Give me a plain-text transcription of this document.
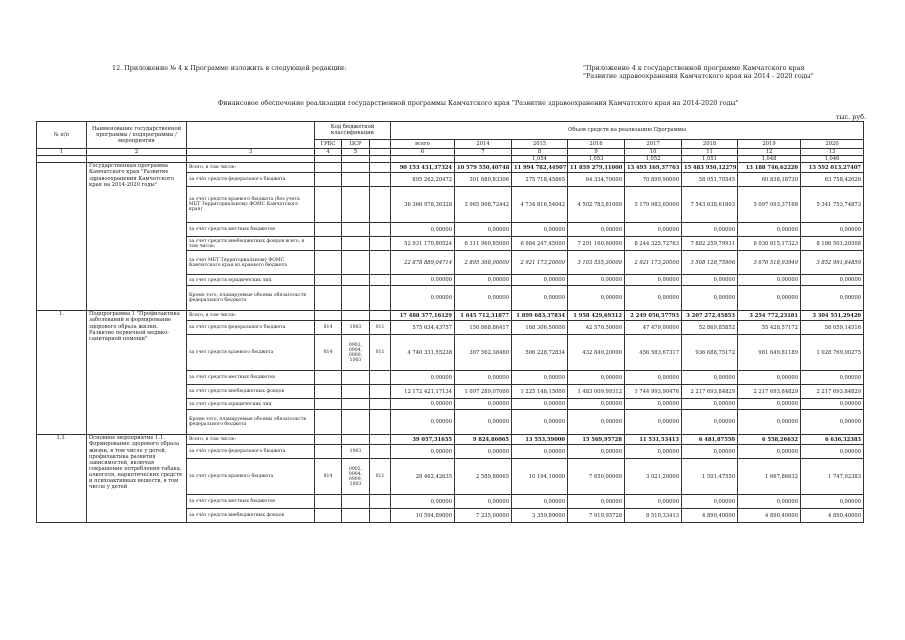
12. Приложение № 4 к Программе изложить в следующей редакции:	"Приложение 4 к государственной программе Камчатского края
"Развитие здравоохранения Камчатского края на 2014 - 2020 годы"
Финансовое обеспечение реализации государственной программы Камчатского края "Развитие здравоохранения Камчатского края на 2014-2020 годы"
тыс. руб.
№ п/п	Наименование государственной программы / подпрограммы / мероприятия		Код бюджетной классификации			Объем средств на реализацию Программы							
			ГРБС	ЦСР		всего	2014	2015	2016	2017	2018	2019	2020
1	2	3	4	5		6	7	8	9	10	11	12	13
								1,054	1,053	1,052	1,051	1,048	1,046
	Государственная программа Камчатского края "Развитие здравоохранения Камчатского края на 2014-2020 годы"	Всего, в том числе:				90 153 431,37324	10 579 550,40748	11 994 782,44907	11 859 279,11000	13 495 169,37763	15 483 950,12279	13 188 746,62220	13 592 013,27407
		за счет средств федерального бюджета				895 262,20472	301 680,83306	275 718,45865	64 334,70000	70 899,90000	58 051,70545	60 838,18730	63 758,42026
		за счет средств краевого бюджета (без учета МБТ Территориальному ФОМС Камчатского края)				36 366 978,36328	3 965 908,72442	4 734 816,54042	4 502 783,81000	5 179 983,65000	7 543 638,61803	5 097 093,37168	5 341 753,74873
		за счет средств местных бюджетов				0,00000	0,00000	0,00000	0,00000	0,00000	0,00000	0,00000	0,00000
		за счет средств внебюджетных фондов всего, в том числе:				52 931 170,80524	6 311 960,85000	6 984 247,45000	7 291 160,60000	8 244 325,72763	7 882 259,79931	8 030 815,17323	8 186 501,20508
		за счет МБТ Территориальному ФОМС Камчатского края из краевого бюджета				22 878 889,04714	2 895 368,00000	2 921 173,20000	3 103 535,30000	2 921 173,20000	3 508 128,75906	3 676 518,93949	3 852 991,84859
		за счет средств юридических лиц				0,00000	0,00000	0,00000	0,00000	0,00000	0,00000	0,00000	0,00000
		Кроме того, планируемые объемы обязательств федерального бюджета				0,00000	0,00000	0,00000	0,00000	0,00000	0,00000	0,00000	0,00000
1.	Подпрограмма 1 "Профилактика заболеваний и формирование здорового образа жизни. Развитие первичной медико-санитарной помощи"	Всего, в том числе:				17 488 377,16129	1 645 712,31877	1 899 683,37834	1 958 429,69312	2 249 056,57793	3 207 272,45853	3 254 772,23181	3 304 551,29420
		за счет средств федерального бюджета	814	1003	011	575 634,43757	150 868,86417	168 306,50000	42 570,50000	47 479,00000	52 869,85852	55 428,57172	58 059,14516
		за счет средств краевого бюджета	814	0902, 0904, 0909, 1003	011	4 740 331,55238	397 562,38460	506 228,72834	432 849,20000	456 583,67317	936 688,75172	981 649,81189	1 028 769,00275
		за счет средств местных бюджетов				0,00000	0,00000	0,00000	0,00000	0,00000	0,00000	0,00000	0,00000
		за счет средств внебюджетных фондов				12 172 421,17134	1 097 289,07000	1 225 148,15000	1 483 009,99312	1 744 993,90476	2 217 693,84829	2 217 693,84829	2 217 693,84829
		за счет средств юридических лиц				0,00000	0,00000	0,00000	0,00000	0,00000	0,00000	0,00000	0,00000
		Кроме того, планируемые объемы обязательств федерального бюджета				0,00000	0,00000	0,00000	0,00000	0,00000	0,00000	0,00000	0,00000
1.1.	Основное мероприятие 1.1. Формирование здорового образа жизни, в том числе у детей, профилактика развития зависимостей, включая сокращение потребления табака, алкоголя, наркотических средств и психоактивных веществ, в том числе у детей	Всего, в том числе:				39 057,31635	9 824,86065	13 553,59000	15 569,95728	11 531,53413	6 481,87550	6 558,26632	6 636,32383
		за счет средств федерального бюджета		1003		0,00000	0,00000	0,00000	0,00000	0,00000	0,00000	0,00000	0,00000
		за счет средств краевого бюджета	814	0902, 0904, 0909, 1003	011	28 462,42635	2 589,86065	10 194,10000	7 650,00000	3 021,20000	1 591,47550	1 667,86632	1 747,92383
		за счет средств местных бюджетов				0,00000	0,00000	0,00000	0,00000	0,00000	0,00000	0,00000	0,00000
		за счет средств внебюджетных фондов				10 594,89000	7 235,00000	3 359,89000	7 919,95728	8 510,33413	4 890,40000	4 890,40000	4 890,40000
